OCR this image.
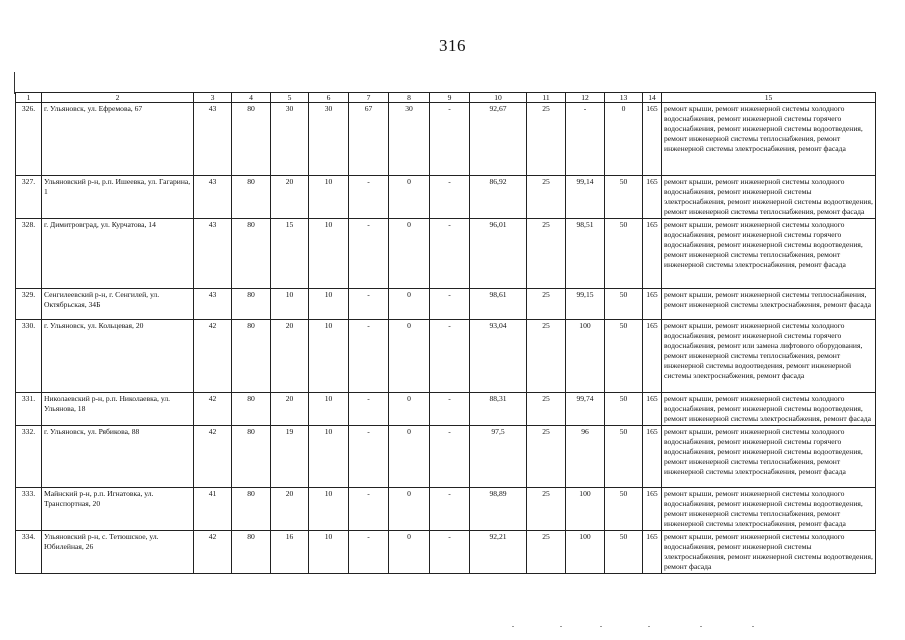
316
1	2	3	4	5	6	7	8	9	10	11	12	13	14	15
326.	г. Ульяновск, ул. Ефремова, 67	43	80	30	30	67	30	-	92,67	25	-	0	165	ремонт крыши, ремонт инженерной системы холодного водоснабжения, ремонт инженерной системы горячего водоснабжения, ремонт инженерной системы водоотведения, ремонт инженерной системы теплоснабжения, ремонт инженерной системы электроснабжения, ремонт фасада
327.	Ульяновский р-н, р.п. Ишеевка, ул. Гагарина, 1	43	80	20	10	-	0	-	86,92	25	99,14	50	165	ремонт крыши, ремонт инженерной системы холодного водоснабжения, ремонт инженерной системы электроснабжения, ремонт инженерной системы водоотведения, ремонт инженерной системы теплоснабжения, ремонт фасада
328.	г. Димитровград, ул. Курчатова, 14	43	80	15	10	-	0	-	96,01	25	98,51	50	165	ремонт крыши, ремонт инженерной системы холодного водоснабжения, ремонт инженерной системы горячего водоснабжения, ремонт инженерной системы водоотведения, ремонт инженерной системы теплоснабжения, ремонт инженерной системы электроснабжения, ремонт фасада
329.	Сенгилеевский р-н, г. Сенгилей, ул. Октябрьская, 34Б	43	80	10	10	-	0	-	98,61	25	99,15	50	165	ремонт крыши, ремонт инженерной системы теплоснабжения, ремонт инженерной системы электроснабжения, ремонт фасада
330.	г. Ульяновск, ул. Кольцевая, 20	42	80	20	10	-	0	-	93,04	25	100	50	165	ремонт крыши, ремонт инженерной системы холодного водоснабжения, ремонт инженерной системы горячего водоснабжения, ремонт или замена лифтового оборудования, ремонт инженерной системы теплоснабжения, ремонт инженерной системы водоотведения, ремонт инженерной системы электроснабжения, ремонт фасада
331.	Николаевский р-н, р.п. Николаевка, ул. Ульянова, 18	42	80	20	10	-	0	-	88,31	25	99,74	50	165	ремонт крыши, ремонт инженерной системы холодного водоснабжения, ремонт инженерной системы водоотведения, ремонт инженерной системы электроснабжения, ремонт фасада
332.	г. Ульяновск, ул. Рябикова, 88	42	80	19	10	-	0	-	97,5	25	96	50	165	ремонт крыши, ремонт инженерной системы холодного водоснабжения, ремонт инженерной системы горячего водоснабжения, ремонт инженерной системы водоотведения, ремонт инженерной системы теплоснабжения, ремонт инженерной системы электроснабжения, ремонт фасада
333.	Майнский р-н, р.п. Игнатовка, ул. Транспортная, 20	41	80	20	10	-	0	-	98,89	25	100	50	165	ремонт крыши, ремонт инженерной системы холодного водоснабжения, ремонт инженерной системы водоотведения, ремонт инженерной системы теплоснабжения, ремонт инженерной системы электроснабжения, ремонт фасада
334.	Ульяновский р-н, с. Тетюшское, ул. Юбилейная, 26	42	80	16	10	-	0	-	92,21	25	100	50	165	ремонт крыши, ремонт инженерной системы холодного водоснабжения, ремонт инженерной системы электроснабжения, ремонт инженерной системы водоотведения, ремонт фасада
